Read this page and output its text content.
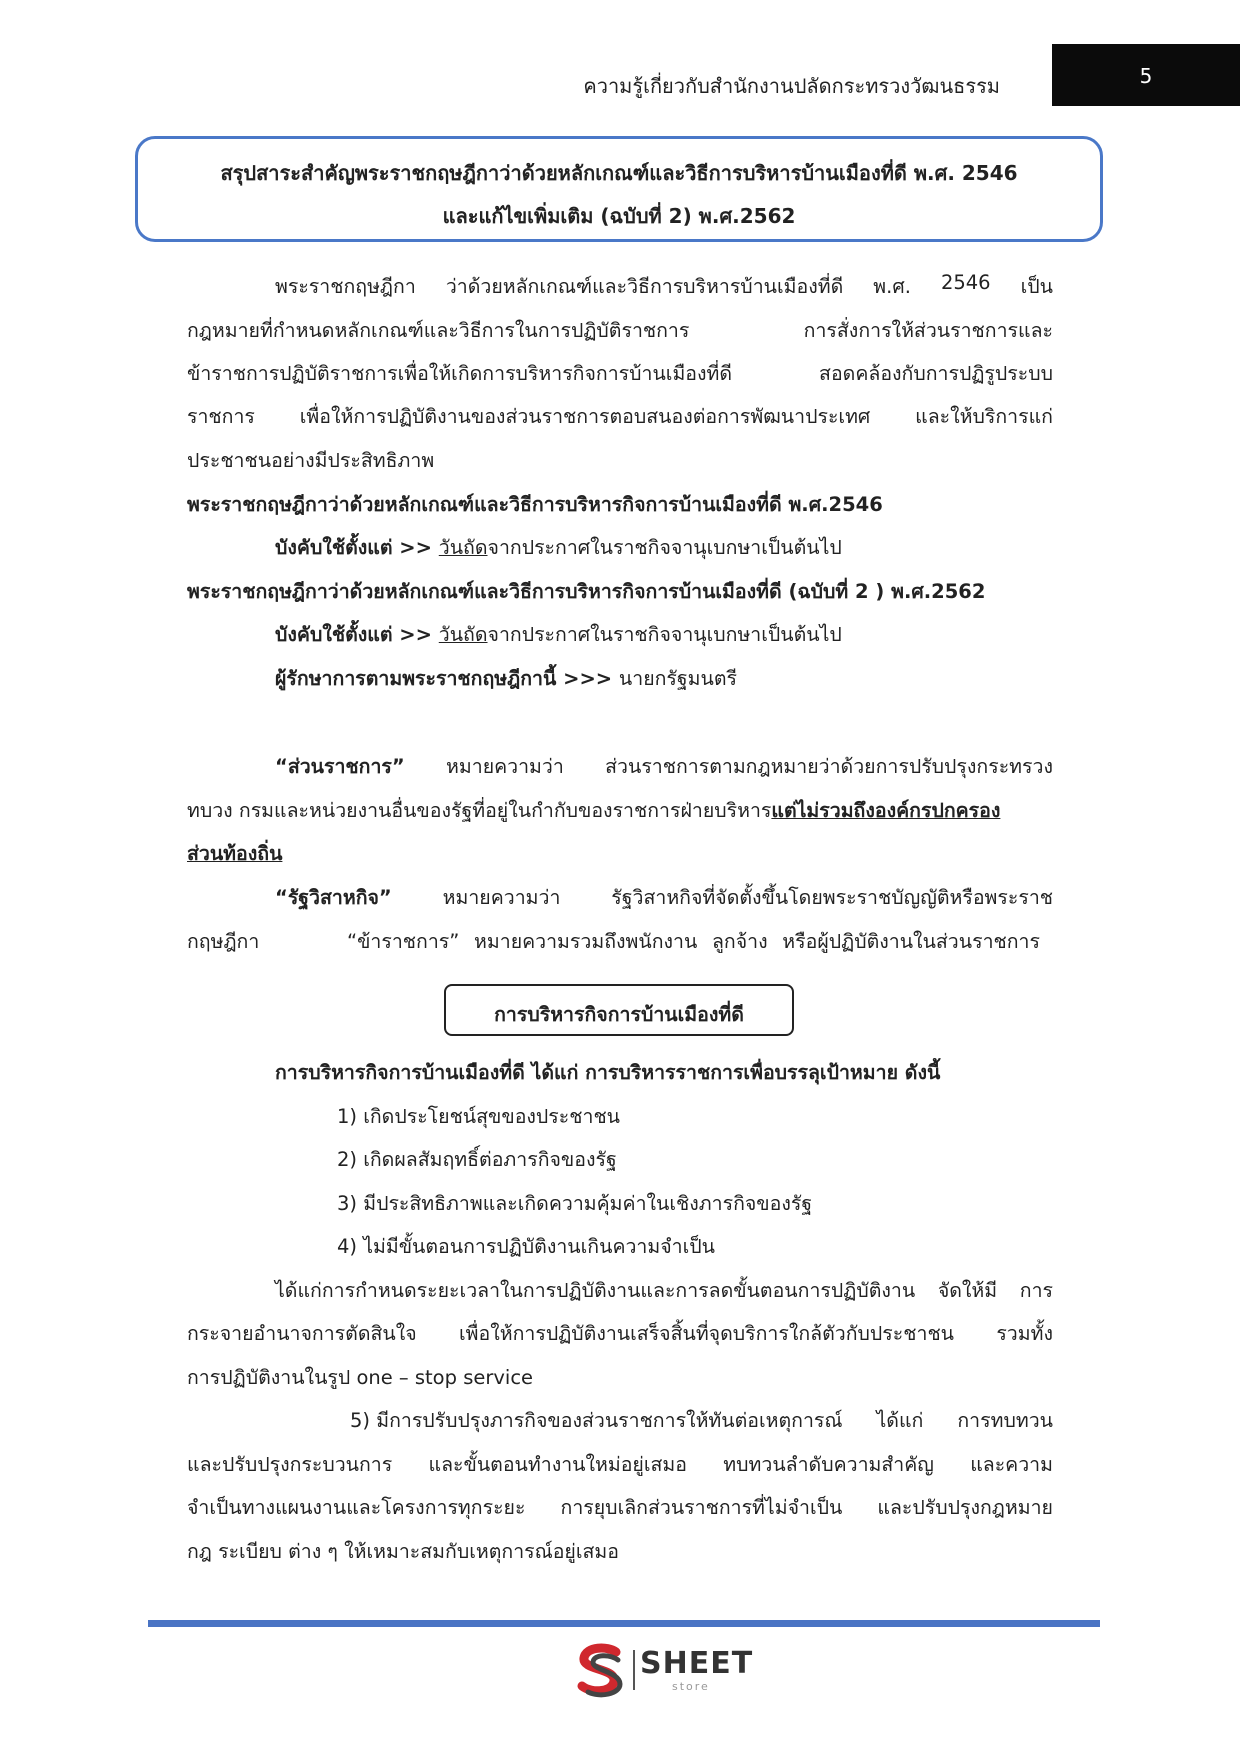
ความรู้เกี่ยวกับสำนักงานปลัดกระทรวงวัฒนธรรม	5
สรุปสาระสำคัญพระราชกฤษฎีกาว่าด้วยหลักเกณฑ์และวิธีการบริหารบ้านเมืองที่ดี พ.ศ. 2546
และแก้ไขเพิ่มเติม (ฉบับที่ 2) พ.ศ.2562
พระราชกฤษฎีกา ว่าด้วยหลักเกณฑ์และวิธีการบริหารบ้านเมืองที่ดี พ.ศ. 2546 เป็น
กฎหมายที่กำหนดหลักเกณฑ์และวิธีการในการปฏิบัติราชการ	การสั่งการให้ส่วนราชการและ
ข้าราชการปฏิบัติราชการเพื่อให้เกิดการบริหารกิจการบ้านเมืองที่ดี	สอดคล้องกับการปฏิรูประบบ
ราชการ เพื่อให้การปฏิบัติงานของส่วนราชการตอบสนองต่อการพัฒนาประเทศ และให้บริการแก่
ประชาชนอย่างมีประสิทธิภาพ
พระราชกฤษฎีกาว่าด้วยหลักเกณฑ์และวิธีการบริหารกิจการบ้านเมืองที่ดี พ.ศ.2546
บังคับใช้ตั้งแต่ >> วันถัดจากประกาศในราชกิจจานุเบกษาเป็นต้นไป
พระราชกฤษฎีกาว่าด้วยหลักเกณฑ์และวิธีการบริหารกิจการบ้านเมืองที่ดี (ฉบับที่ 2 ) พ.ศ.2562
บังคับใช้ตั้งแต่ >> วันถัดจากประกาศในราชกิจจานุเบกษาเป็นต้นไป
ผู้รักษาการตามพระราชกฤษฎีกานี้ >>> นายกรัฐมนตรี
“ส่วนราชการ” หมายความว่า ส่วนราชการตามกฎหมายว่าด้วยการปรับปรุงกระทรวง
ทบวง กรมและหน่วยงานอื่นของรัฐที่อยู่ในกำกับของราชการฝ่ายบริหารแต่ไม่รวมถึงองค์กรปกครอง
ส่วนท้องถิ่น
“รัฐวิสาหกิจ”	หมายความว่า	รัฐวิสาหกิจที่จัดตั้งขึ้นโดยพระราชบัญญัติหรือพระราช
กฤษฎีกา	“ข้าราชการ” หมายความรวมถึงพนักงาน ลูกจ้าง หรือผู้ปฏิบัติงานในส่วนราชการ
การบริหารกิจการบ้านเมืองที่ดี
การบริหารกิจการบ้านเมืองที่ดี ได้แก่ การบริหารราชการเพื่อบรรลุเป้าหมาย ดังนี้
1) เกิดประโยชน์สุขของประชาชน
2) เกิดผลสัมฤทธิ์ต่อภารกิจของรัฐ
3) มีประสิทธิภาพและเกิดความคุ้มค่าในเชิงภารกิจของรัฐ
4) ไม่มีขั้นตอนการปฏิบัติงานเกินความจำเป็น
ได้แก่การกำหนดระยะเวลาในการปฏิบัติงานและการลดขั้นตอนการปฏิบัติงาน จัดให้มี การ
กระจายอำนาจการตัดสินใจ เพื่อให้การปฏิบัติงานเสร็จสิ้นที่จุดบริการใกล้ตัวกับประชาชน รวมทั้ง
การปฏิบัติงานในรูป one – stop service
5) มีการปรับปรุงภารกิจของส่วนราชการให้ทันต่อเหตุการณ์ ได้แก่ การทบทวน
และปรับปรุงกระบวนการ และขั้นตอนทำงานใหม่อยู่เสมอ ทบทวนลำดับความสำคัญ และความ
จำเป็นทางแผนงานและโครงการทุกระยะ การยุบเลิกส่วนราชการที่ไม่จำเป็น และปรับปรุงกฎหมาย
กฎ ระเบียบ ต่าง ๆ ให้เหมาะสมกับเหตุการณ์อยู่เสมอ
SHEET
store
